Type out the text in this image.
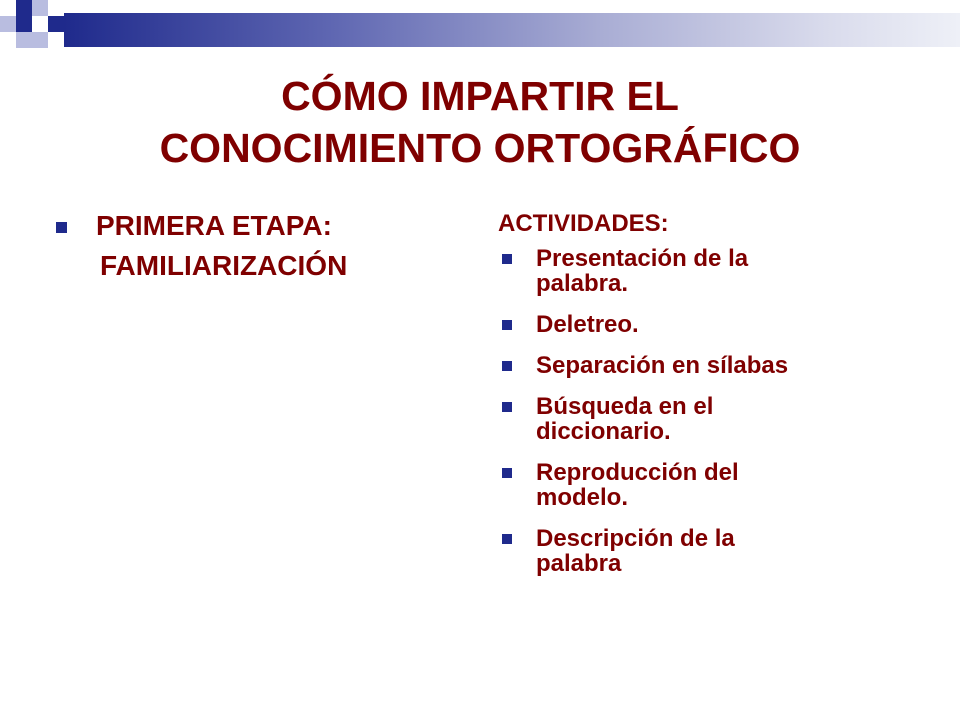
CÓMO IMPARTIR EL
CONOCIMIENTO ORTOGRÁFICO
PRIMERA ETAPA:
FAMILIARIZACIÓN
ACTIVIDADES:
Presentación de la
palabra.
Deletreo.
Separación en sílabas
Búsqueda en el
diccionario.
Reproducción del
modelo.
Descripción de la
palabra
